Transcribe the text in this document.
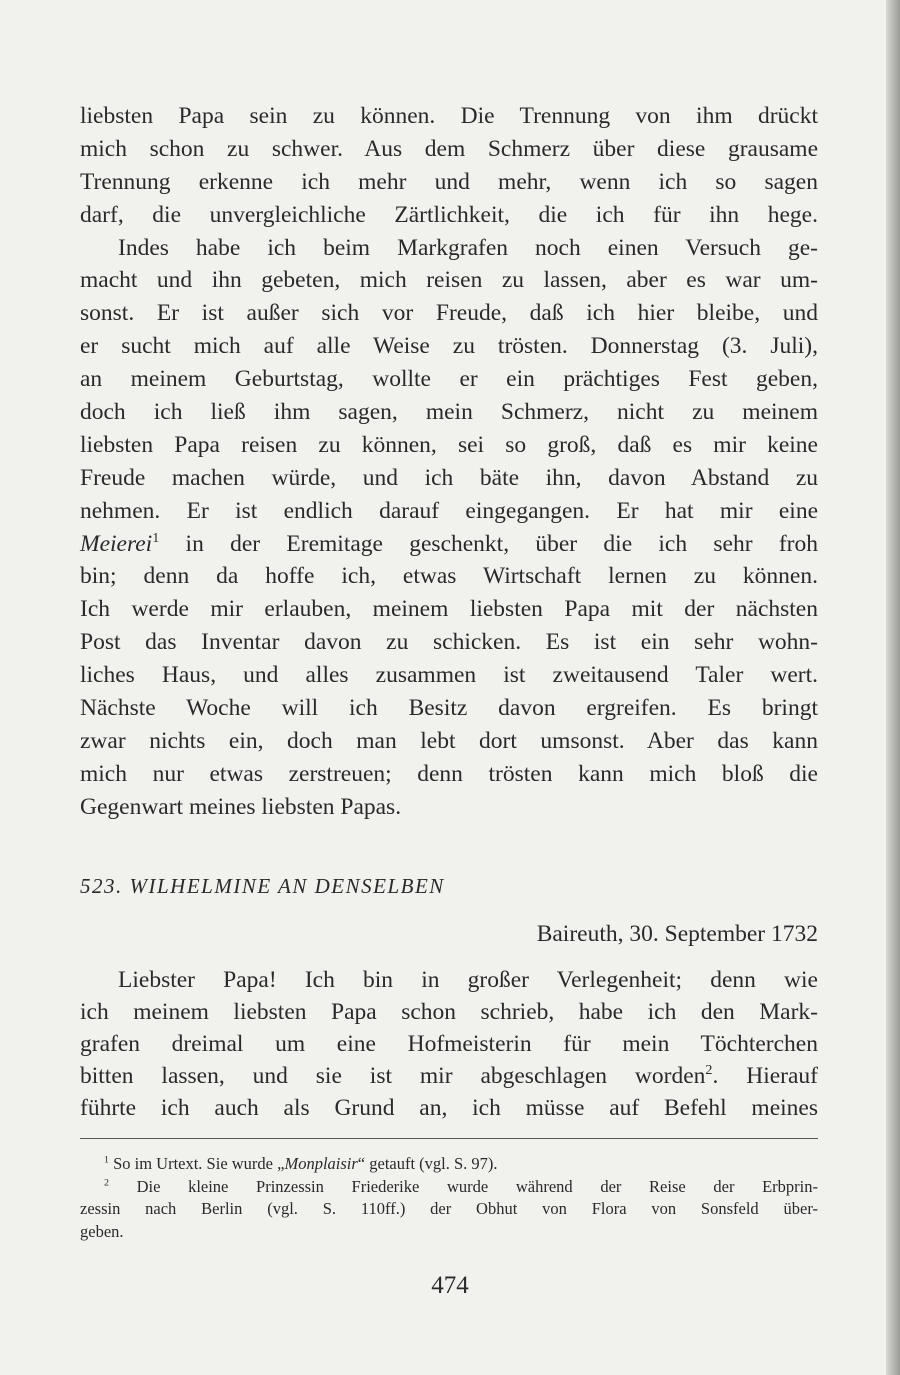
liebsten Papa sein zu können. Die Trennung von ihm drückt
mich schon zu schwer. Aus dem Schmerz über diese grausame
Trennung erkenne ich mehr und mehr, wenn ich so sagen
darf, die unvergleichliche Zärtlichkeit, die ich für ihn hege.
Indes habe ich beim Markgrafen noch einen Versuch ge-
macht und ihn gebeten, mich reisen zu lassen, aber es war um-
sonst. Er ist außer sich vor Freude, daß ich hier bleibe, und
er sucht mich auf alle Weise zu trösten. Donnerstag (3. Juli),
an meinem Geburtstag, wollte er ein prächtiges Fest geben,
doch ich ließ ihm sagen, mein Schmerz, nicht zu meinem
liebsten Papa reisen zu können, sei so groß, daß es mir keine
Freude machen würde, und ich bäte ihn, davon Abstand zu
nehmen. Er ist endlich darauf eingegangen. Er hat mir eine
Meierei$^1$ in der Eremitage geschenkt, über die ich sehr froh
bin; denn da hoffe ich, etwas Wirtschaft lernen zu können.
Ich werde mir erlauben, meinem liebsten Papa mit der nächsten
Post das Inventar davon zu schicken. Es ist ein sehr wohn-
liches Haus, und alles zusammen ist zweitausend Taler wert.
Nächste Woche will ich Besitz davon ergreifen. Es bringt
zwar nichts ein, doch man lebt dort umsonst. Aber das kann
mich nur etwas zerstreuen; denn trösten kann mich bloß die
Gegenwart meines liebsten Papas.
523. WILHELMINE AN DENSELBEN
Baireuth, 30. September 1732
Liebster Papa! Ich bin in großer Verlegenheit; denn wie
ich meinem liebsten Papa schon schrieb, habe ich den Mark-
grafen dreimal um eine Hofmeisterin für mein Töchterchen
bitten lassen, und sie ist mir abgeschlagen worden$^2$. Hierauf
führte ich auch als Grund an, ich müsse auf Befehl meines
$^1$ So im Urtext. Sie wurde „Monplaisir“ getauft (vgl. S. 97).
$^2$ Die kleine Prinzessin Friederike wurde während der Reise der Erbprin-
zessin nach Berlin (vgl. S. 110ff.) der Obhut von Flora von Sonsfeld über-
geben.
474
